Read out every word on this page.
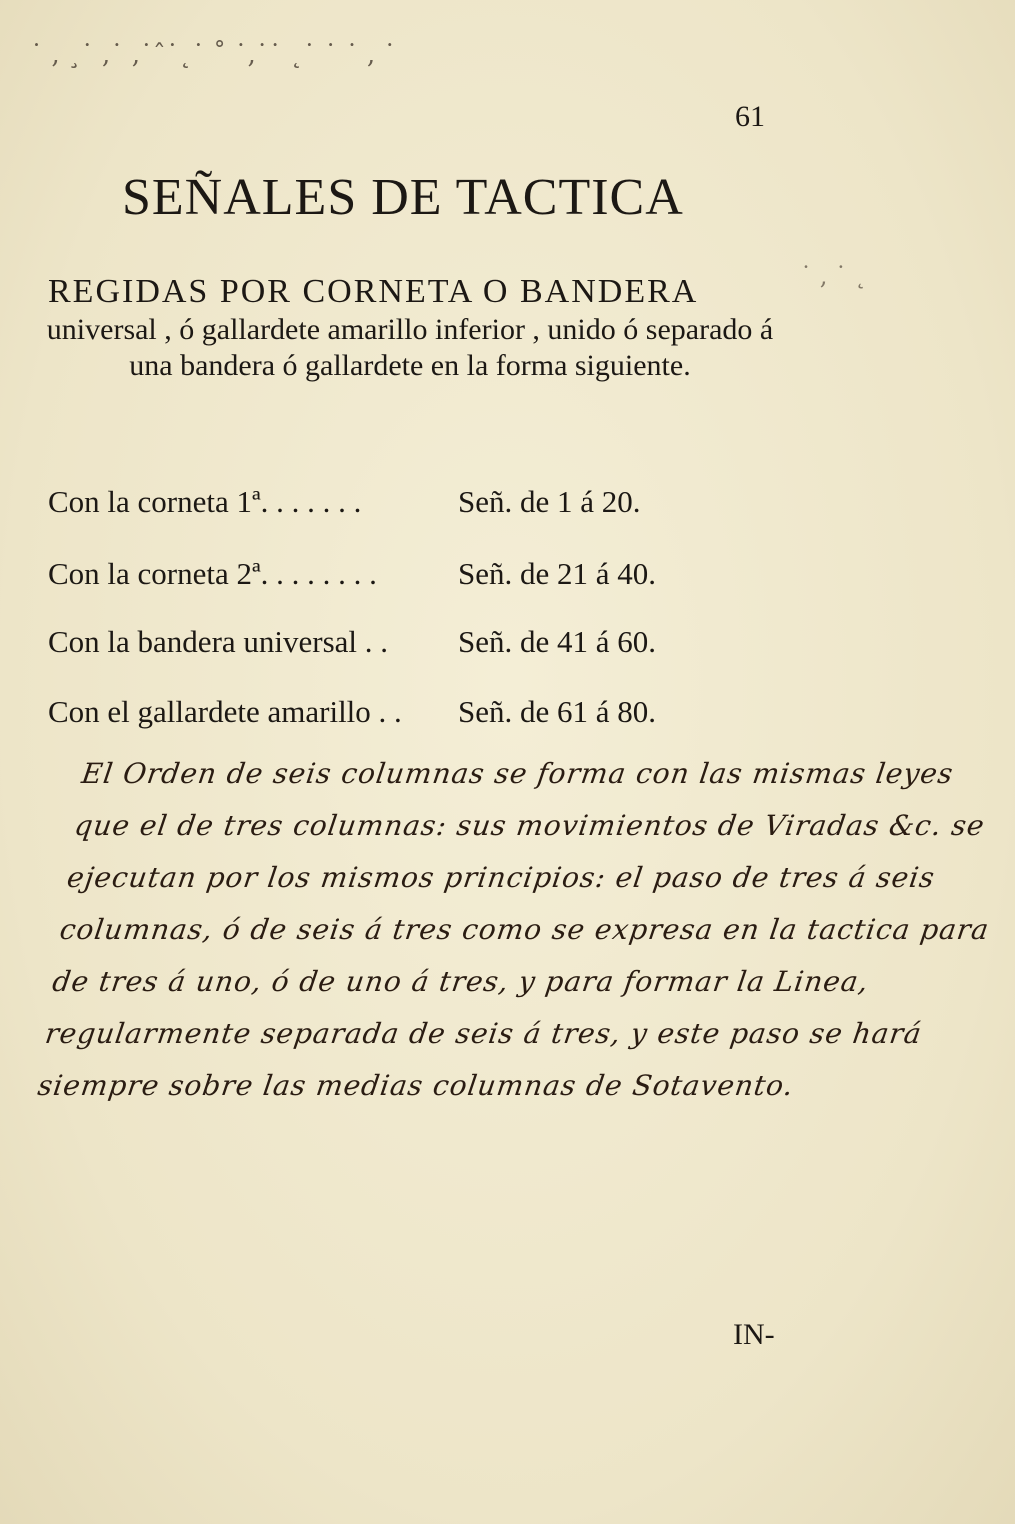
˙ ‚ ¸˙ ,˙ ‚˙ˆ˙˛˙ ˚ ˙‚˙˙ ˛˙ ˙ ˙ ‚ ˙
˙ ‚ ˙ ˛
61
SEÑALES DE TACTICA
REGIDAS POR CORNETA O BANDERA
universal , ó gallardete amarillo inferior , unido ó separado á una bandera ó gallardete en la forma siguiente.
Con la corneta 1ª. . . . . . .	Señ. de 1 á 20.
Con la corneta 2ª. . . . . . . .	Señ. de 21 á 40.
Con la bandera universal . . Señ. de 41 á 60.
Con el gallardete amarillo . . Señ. de 61 á 80.
El Orden de seis columnas se forma con las mismas leyes que el de tres columnas: sus movimientos de Viradas &c. se ejecutan por los mismos principios: el paso de tres á seis columnas, ó de seis á tres como se expresa en la tactica para de tres á uno, ó de uno á tres, y para formar la Linea, regularmente separada de seis á tres, y este paso se hará siempre sobre las medias columnas de Sotavento.
IN-
